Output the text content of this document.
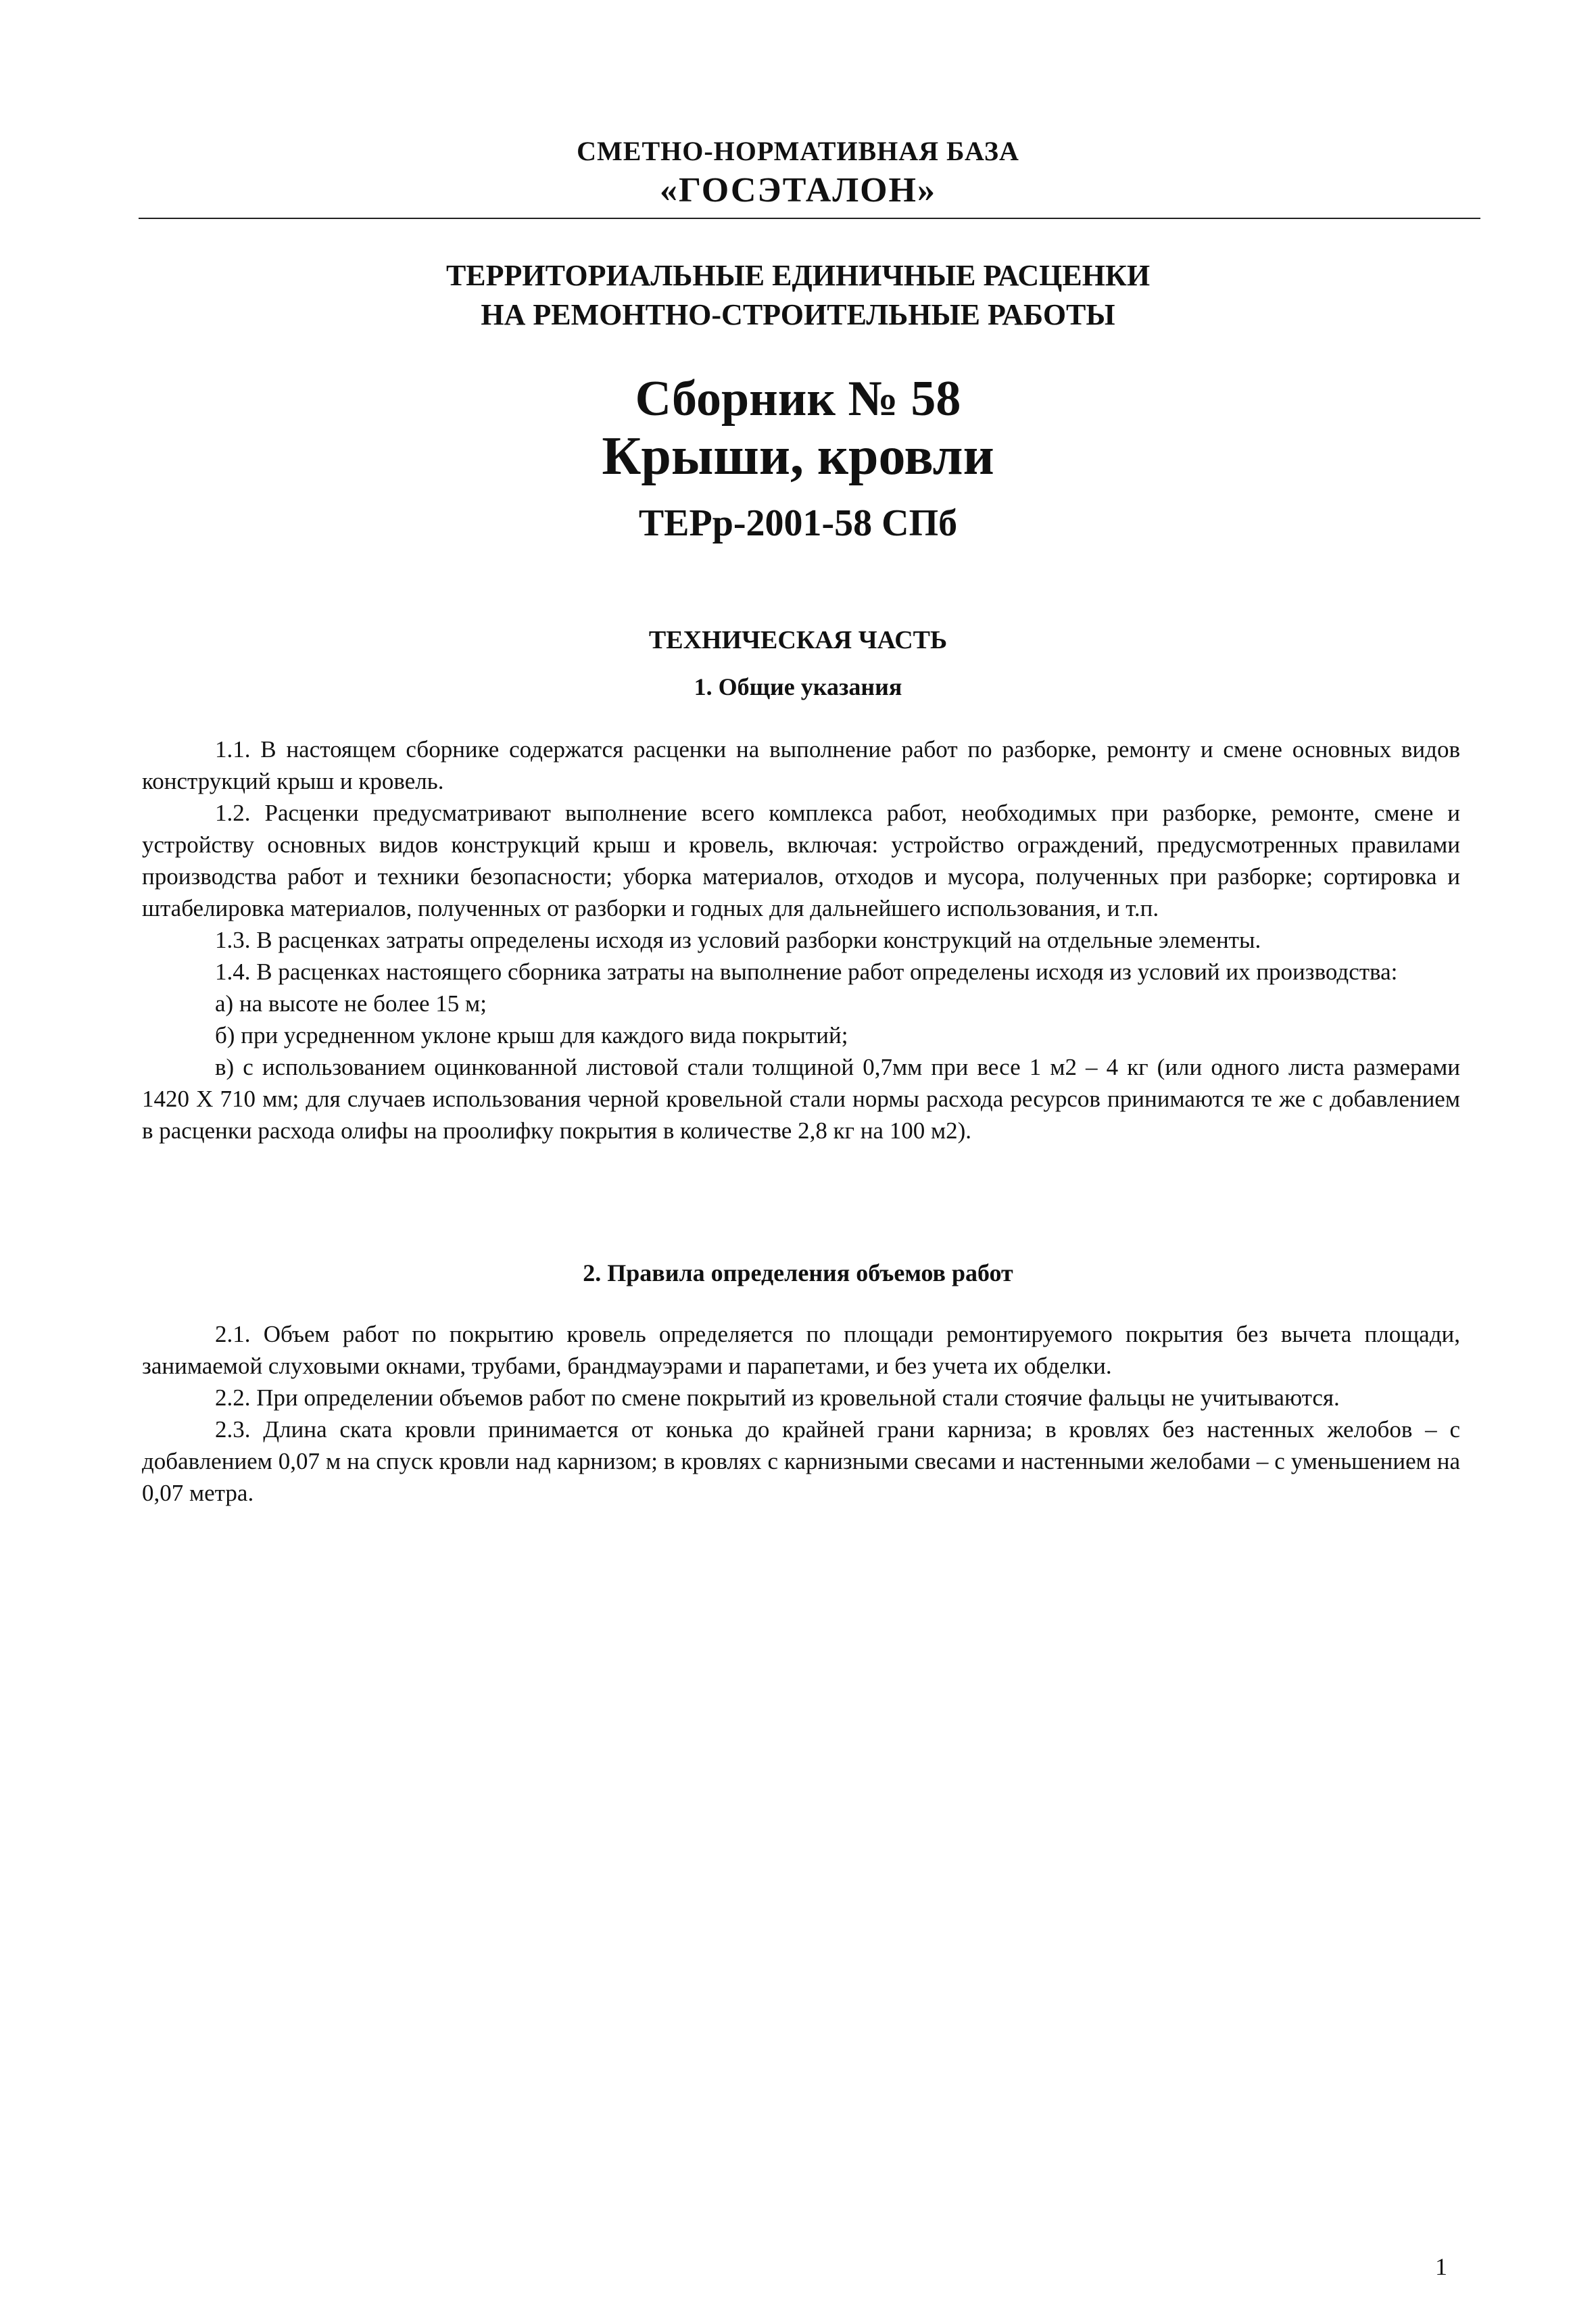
СМЕТНО-НОРМАТИВНАЯ БАЗА
«ГОСЭТАЛОН»
ТЕРРИТОРИАЛЬНЫЕ ЕДИНИЧНЫЕ РАСЦЕНКИ
НА РЕМОНТНО-СТРОИТЕЛЬНЫЕ РАБОТЫ
Сборник № 58
Крыши, кровли
ТЕРр-2001-58 СПб
ТЕХНИЧЕСКАЯ ЧАСТЬ
1. Общие указания

1.1. В настоящем сборнике содержатся расценки на выполнение работ по разборке, ремонту и смене основных видов конструкций крыш и кровель.

1.2. Расценки предусматривают выполнение всего комплекса работ, необходимых при разборке, ремонте, смене и устройству основных видов конструкций крыш и кровель, включая: устройство ограждений, предусмотренных правилами производства работ и техники безопасности; уборка материалов, отходов и мусора, полученных при разборке; сортировка и штабелировка материалов, полученных от разборки и годных для дальнейшего использования, и т.п.

1.3. В расценках затраты определены исходя из условий разборки конструкций на отдельные элементы.

1.4. В расценках настоящего сборника затраты на выполнение работ определены исходя из условий их производства:

а) на высоте не более 15 м;

б) при усредненном уклоне крыш для каждого вида покрытий;

в) с использованием оцинкованной листовой стали толщиной 0,7мм при весе 1 м2 – 4 кг (или одного листа размерами 1420 X 710 мм; для случаев использования черной кровельной стали нормы расхода ресурсов принимаются те же с добавлением в расценки расхода олифы на проолифку покрытия в количестве 2,8 кг на 100 м2).

2. Правила определения объемов работ

2.1. Объем работ по покрытию кровель определяется по площади ремонтируемого покрытия без вычета площади, занимаемой слуховыми окнами, трубами, брандмауэрами и парапетами, и без учета их обделки.

2.2. При определении объемов работ по смене покрытий из кровельной стали стоячие фальцы не учитываются.

2.3. Длина ската кровли принимается от конька до крайней грани карниза; в кровлях без настенных желобов – с добавлением 0,07 м на спуск кровли над карнизом; в кровлях с карнизными свесами и настенными желобами – с уменьшением на 0,07 метра.

1
